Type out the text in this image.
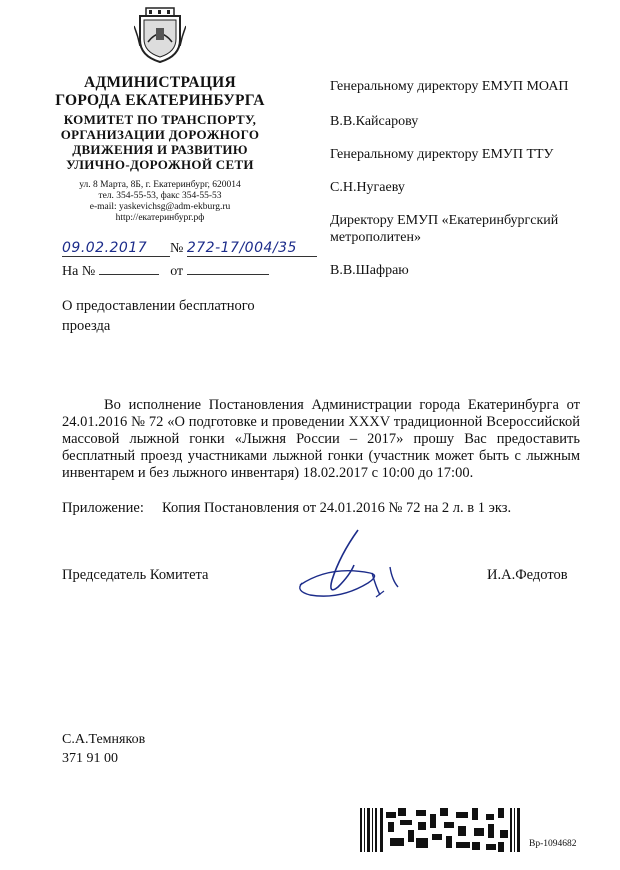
АДМИНИСТРАЦИЯ
ГОРОДА ЕКАТЕРИНБУРГА
КОМИТЕТ ПО ТРАНСПОРТУ,
ОРГАНИЗАЦИИ ДОРОЖНОГО
ДВИЖЕНИЯ И РАЗВИТИЮ
УЛИЧНО-ДОРОЖНОЙ СЕТИ
ул. 8 Марта, 8Б, г. Екатеринбург, 620014
тел. 354-55-53, факс 354-55-53
e-mail: yaskevichsg@adm-ekburg.ru
http://екатеринбург.рф
09.02.2017 № 272-17/004/35
На №	от
Генеральному директору ЕМУП МОАП
В.В.Кайсарову
Генеральному директору ЕМУП ТТУ
С.Н.Нугаеву
Директору ЕМУП «Екатеринбургский метрополитен»
В.В.Шафраю
О предоставлении бесплатного проезда
Во исполнение Постановления Администрации города Екатеринбурга от 24.01.2016 № 72 «О подготовке и проведении XXXV традиционной Всероссийской массовой лыжной гонки «Лыжня России – 2017» прошу Вас предоставить бесплатный проезд участниками лыжной гонки (участник может быть с лыжным инвентарем и без лыжного инвентаря) 18.02.2017 с 10:00 до 17:00.
Приложение: Копия Постановления от 24.01.2016 № 72 на 2 л. в 1 экз.
Председатель Комитета	И.А.Федотов
С.А.Темняков
371 91 00
Вр-1094682
